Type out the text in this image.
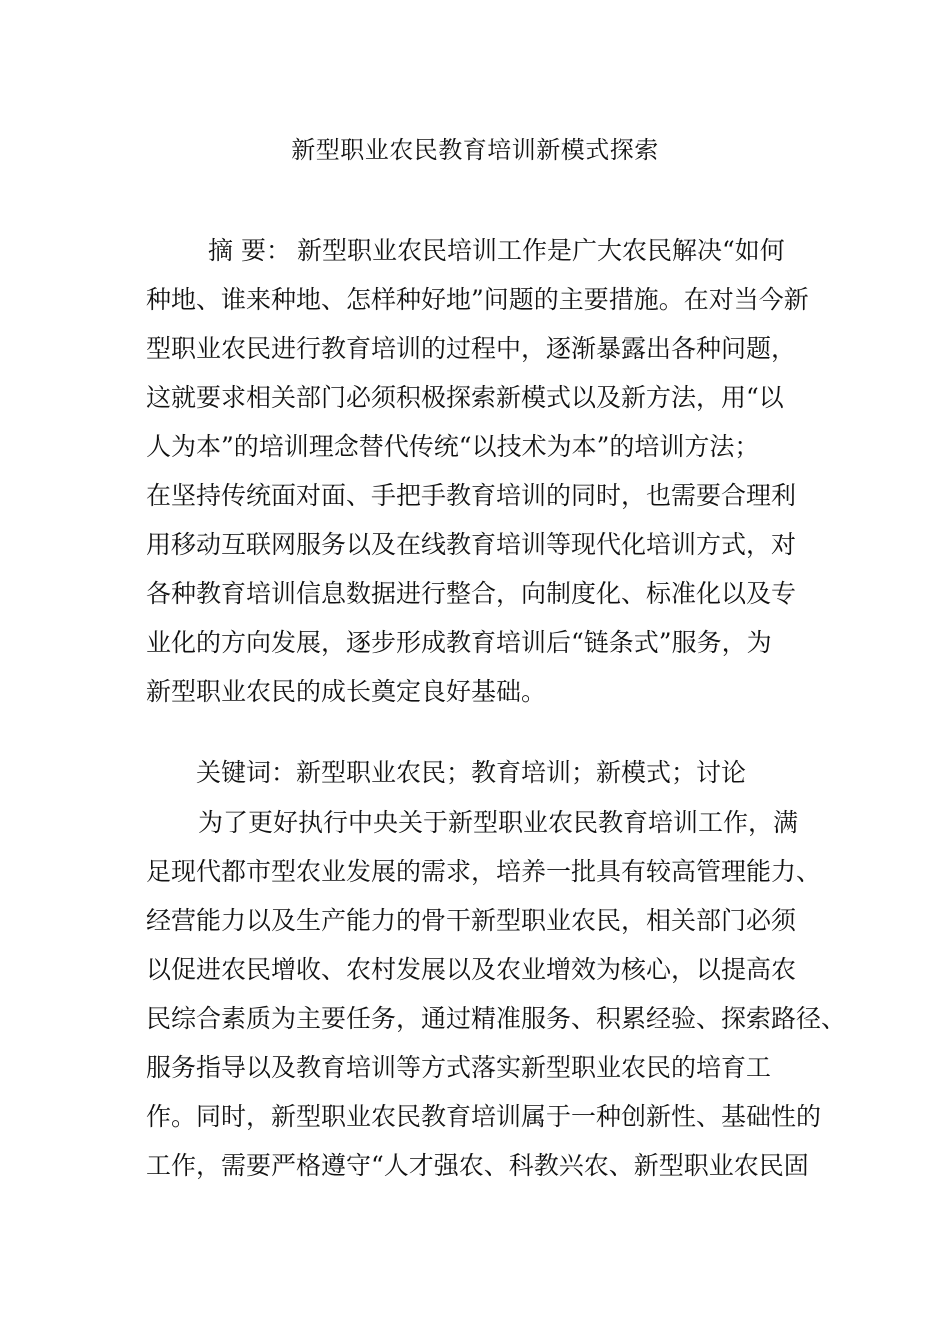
新型职业农民教育培训新模式探索
摘 要： 新型职业农民培训工作是广大农民解决“如何
种地、谁来种地、怎样种好地”问题的主要措施。在对当今新
型职业农民进行教育培训的过程中，逐渐暴露出各种问题，
这就要求相关部门必须积极探索新模式以及新方法，用“以
人为本”的培训理念替代传统“以技术为本”的培训方法；
在坚持传统面对面、手把手教育培训的同时，也需要合理利
用移动互联网服务以及在线教育培训等现代化培训方式，对
各种教育培训信息数据进行整合，向制度化、标准化以及专
业化的方向发展，逐步形成教育培训后“链条式”服务，为
新型职业农民的成长奠定良好基础。
关键词：新型职业农民；教育培训；新模式；讨论
为了更好执行中央关于新型职业农民教育培训工作，满
足现代都市型农业发展的需求，培养一批具有较高管理能力、
经营能力以及生产能力的骨干新型职业农民，相关部门必须
以促进农民增收、农村发展以及农业增效为核心，以提高农
民综合素质为主要任务，通过精准服务、积累经验、探索路径、
服务指导以及教育培训等方式落实新型职业农民的培育工
作。同时，新型职业农民教育培训属于一种创新性、基础性的
工作，需要严格遵守“人才强农、科教兴农、新型职业农民固
